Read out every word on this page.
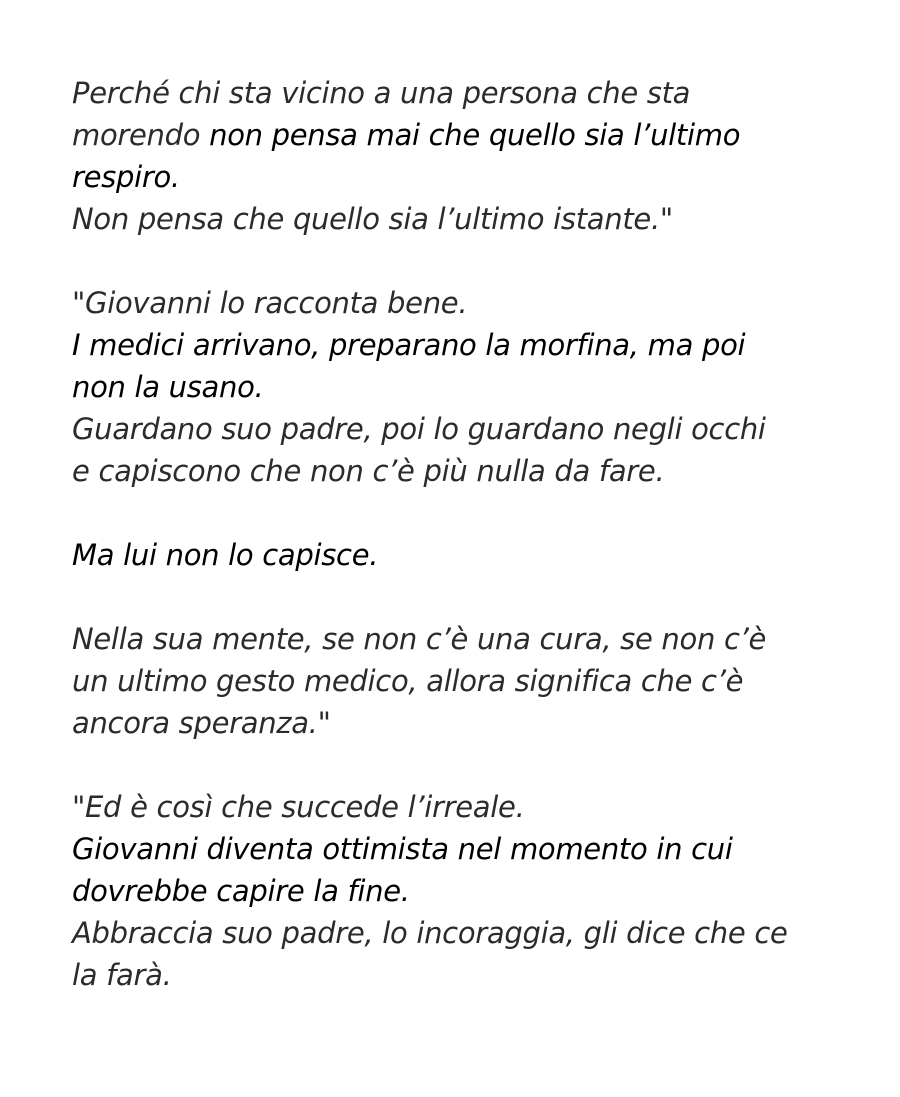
Perché chi sta vicino a una persona che sta
morendo non pensa mai che quello sia l’ultimo
respiro.
Non pensa che quello sia l’ultimo istante."
"Giovanni lo racconta bene.
I medici arrivano, preparano la morfina, ma poi
non la usano.
Guardano suo padre, poi lo guardano negli occhi
e capiscono che non c’è più nulla da fare.
Ma lui non lo capisce.
Nella sua mente, se non c’è una cura, se non c’è
un ultimo gesto medico, allora significa che c’è
ancora speranza."
"Ed è così che succede l’irreale.
Giovanni diventa ottimista nel momento in cui
dovrebbe capire la fine.
Abbraccia suo padre, lo incoraggia, gli dice che ce
la farà.
